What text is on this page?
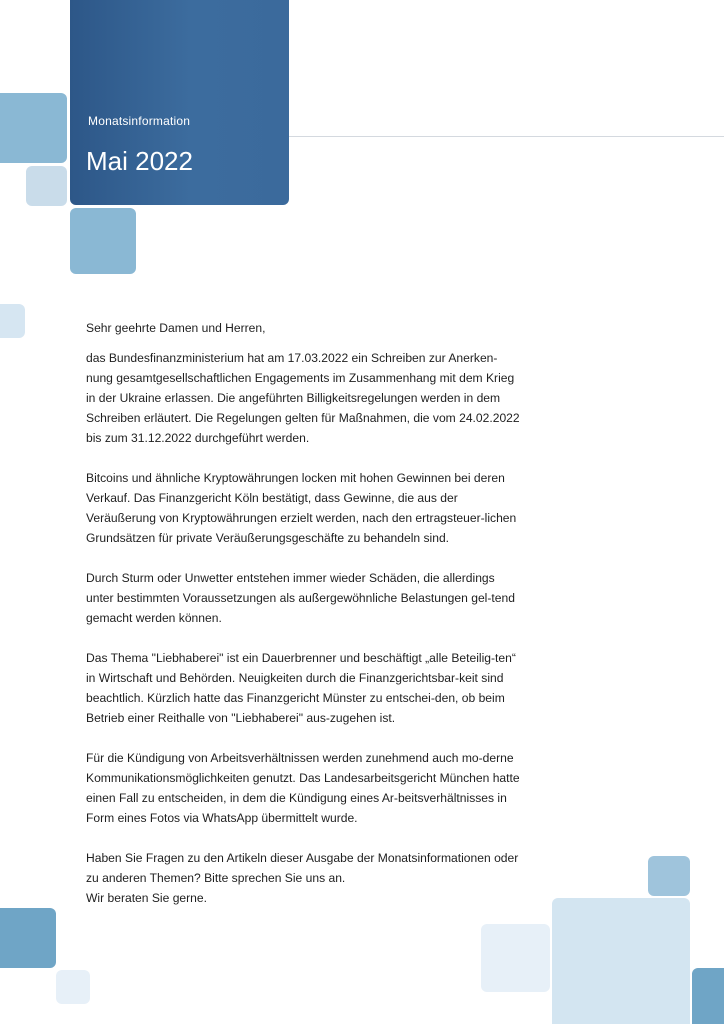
Monatsinformation
Mai 2022

Sehr geehrte Damen und Herren,

das Bundesfinanzministerium hat am 17.03.2022 ein Schreiben zur Anerken-nung gesamtgesellschaftlichen Engagements im Zusammenhang mit dem Krieg in der Ukraine erlassen. Die angeführten Billigkeitsregelungen werden in dem Schreiben erläutert. Die Regelungen gelten für Maßnahmen, die vom 24.02.2022 bis zum 31.12.2022 durchgeführt werden.

Bitcoins und ähnliche Kryptowährungen locken mit hohen Gewinnen bei deren Verkauf. Das Finanzgericht Köln bestätigt, dass Gewinne, die aus der Veräußerung von Kryptowährungen erzielt werden, nach den ertragsteuer-lichen Grundsätzen für private Veräußerungsgeschäfte zu behandeln sind.

Durch Sturm oder Unwetter entstehen immer wieder Schäden, die allerdings unter bestimmten Voraussetzungen als außergewöhnliche Belastungen gel-tend gemacht werden können.

Das Thema "Liebhaberei" ist ein Dauerbrenner und beschäftigt „alle Beteilig-ten“ in Wirtschaft und Behörden. Neuigkeiten durch die Finanzgerichtsbar-keit sind beachtlich. Kürzlich hatte das Finanzgericht Münster zu entschei-den, ob beim Betrieb einer Reithalle von "Liebhaberei" aus-zugehen ist.

Für die Kündigung von Arbeitsverhältnissen werden zunehmend auch mo-derne Kommunikationsmöglichkeiten genutzt. Das Landesarbeitsgericht München hatte einen Fall zu entscheiden, in dem die Kündigung eines Ar-beitsverhältnisses in Form eines Fotos via WhatsApp übermittelt wurde.

Haben Sie Fragen zu den Artikeln dieser Ausgabe der Monatsinformationen oder zu anderen Themen? Bitte sprechen Sie uns an.

Wir beraten Sie gerne.
